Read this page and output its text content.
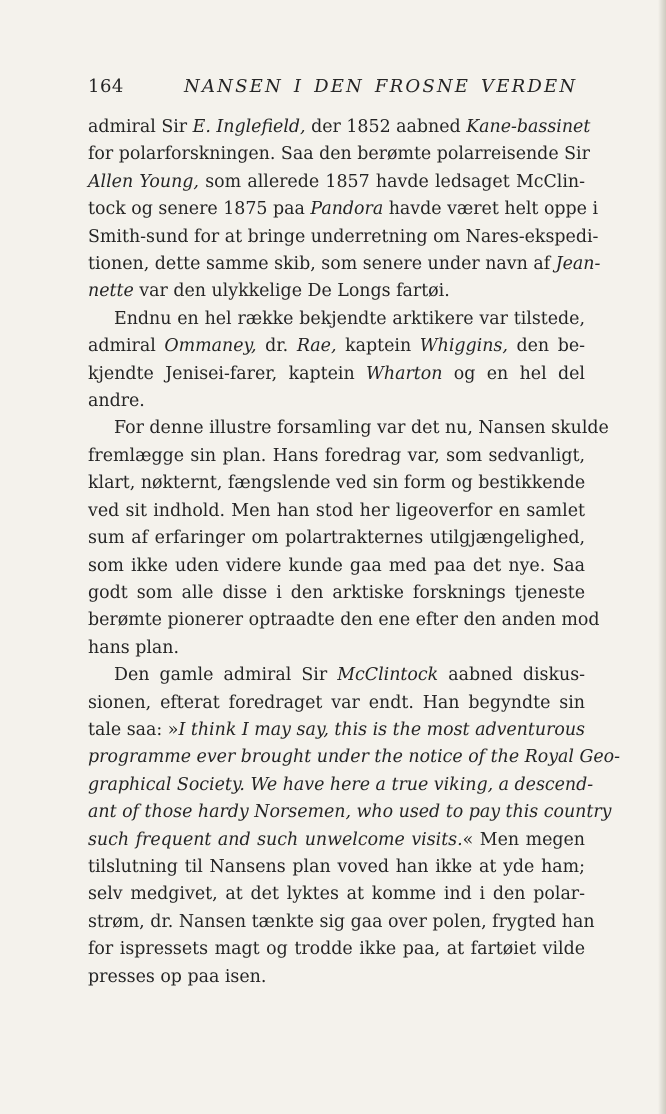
164	NANSEN I DEN FROSNE VERDEN
admiral Sir E. Inglefield, der 1852 aabned Kane-bassinet
for polarforskningen. Saa den berømte polarreisende Sir
Allen Young, som allerede 1857 havde ledsaget McClin-
tock og senere 1875 paa Pandora havde været helt oppe i
Smith-sund for at bringe underretning om Nares-ekspedi-
tionen, dette samme skib, som senere under navn af Jean-
nette var den ulykkelige De Longs fartøi.
Endnu en hel række bekjendte arktikere var tilstede,
admiral Ommaney, dr. Rae, kaptein Whiggins, den be-
kjendte Jenisei-farer, kaptein Wharton og en hel del
andre.
For denne illustre forsamling var det nu, Nansen skulde
fremlægge sin plan. Hans foredrag var, som sedvanligt,
klart, nøkternt, fængslende ved sin form og bestikkende
ved sit indhold. Men han stod her ligeoverfor en samlet
sum af erfaringer om polartrakternes utilgjængelighed,
som ikke uden videre kunde gaa med paa det nye. Saa
godt som alle disse i den arktiske forsknings tjeneste
berømte pionerer optraadte den ene efter den anden mod
hans plan.
Den gamle admiral Sir McClintock aabned diskus-
sionen, efterat foredraget var endt. Han begyndte sin
tale saa: »I think I may say, this is the most adventurous
programme ever brought under the notice of the Royal Geo-
graphical Society. We have here a true viking, a descend-
ant of those hardy Norsemen, who used to pay this country
such frequent and such unwelcome visits.« Men megen
tilslutning til Nansens plan voved han ikke at yde ham;
selv medgivet, at det lyktes at komme ind i den polar-
strøm, dr. Nansen tænkte sig gaa over polen, frygted han
for ispressets magt og trodde ikke paa, at fartøiet vilde
presses op paa isen.
